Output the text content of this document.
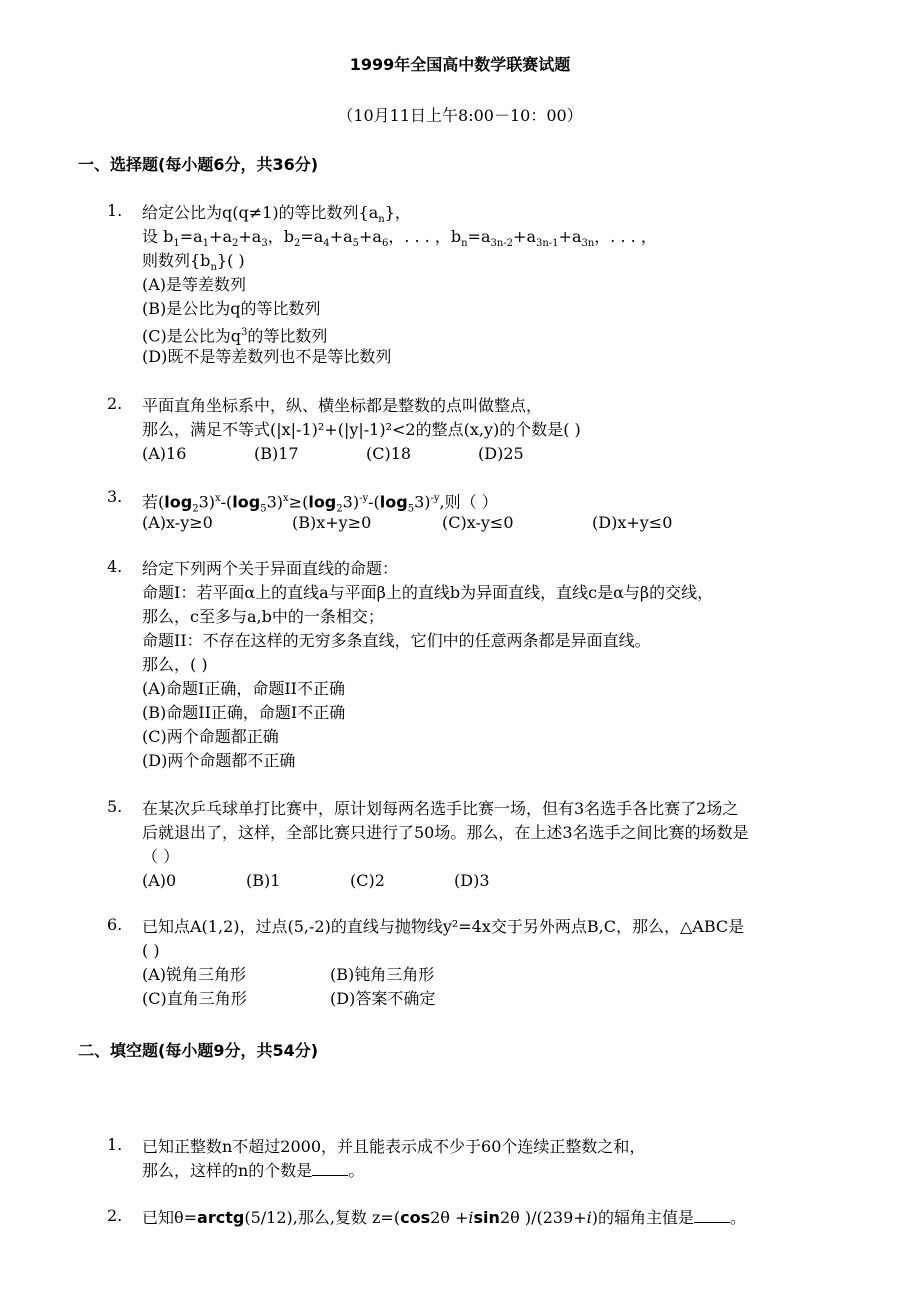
1999年全国高中数学联赛试题
（10月11日上午8:00－10：00）
一、选择题(每小题6分，共36分)
1. 给定公比为q(q≠1)的等比数列$\{a_n\}$，
设 $b_1=a_1+a_2+a_3$，$b_2=a_4+a_5+a_6$，. . . ，$b_n=a_{3n-2}+a_{3n-1}+a_{3n}$，. . . ，
则数列$\{b_n\}$( )
(A)是等差数列
(B)是公比为q的等比数列
(C)是公比为$q^3$的等比数列
(D)既不是等差数列也不是等比数列
2. 平面直角坐标系中，纵、横坐标都是整数的点叫做整点，
那么，满足不等式(|x|-1)²+(|y|-1)²<2的整点(x,y)的个数是( )
(A)16	(B)17	(C)18	(D)25
3. 若$(\log_23)^x-(\log_53)^x\ge(\log_23)^{-y}-(\log_53)^{-y}$,则（ ）
(A)x-y≥0	(B)x+y≥0	(C)x-y≤0	(D)x+y≤0
4. 给定下列两个关于异面直线的命题：
命题I：若平面α上的直线a与平面β上的直线b为异面直线，直线c是α与β的交线，
那么，c至多与a,b中的一条相交；
命题II：不存在这样的无穷多条直线，它们中的任意两条都是异面直线。
那么，( )
(A)命题I正确，命题II不正确
(B)命题II正确，命题I不正确
(C)两个命题都正确
(D)两个命题都不正确
5. 在某次乒乓球单打比赛中，原计划每两名选手比赛一场，但有3名选手各比赛了2场之
后就退出了，这样，全部比赛只进行了50场。那么，在上述3名选手之间比赛的场数是
（ ）
(A)0	(B)1	(C)2	(D)3
6. 已知点A(1,2)，过点(5,-2)的直线与抛物线y²=4x交于另外两点B,C，那么，△ABC是
( )
(A)锐角三角形	(B)钝角三角形
(C)直角三角形	(D)答案不确定
二、填空题(每小题9分，共54分)
1. 已知正整数n不超过2000，并且能表示成不少于60个连续正整数之和，
那么，这样的n的个数是 。
2. 已知θ=arctg(5/12),那么,复数 z=(cos2θ +isin2θ )/(239+i)的辐角主值是 。
